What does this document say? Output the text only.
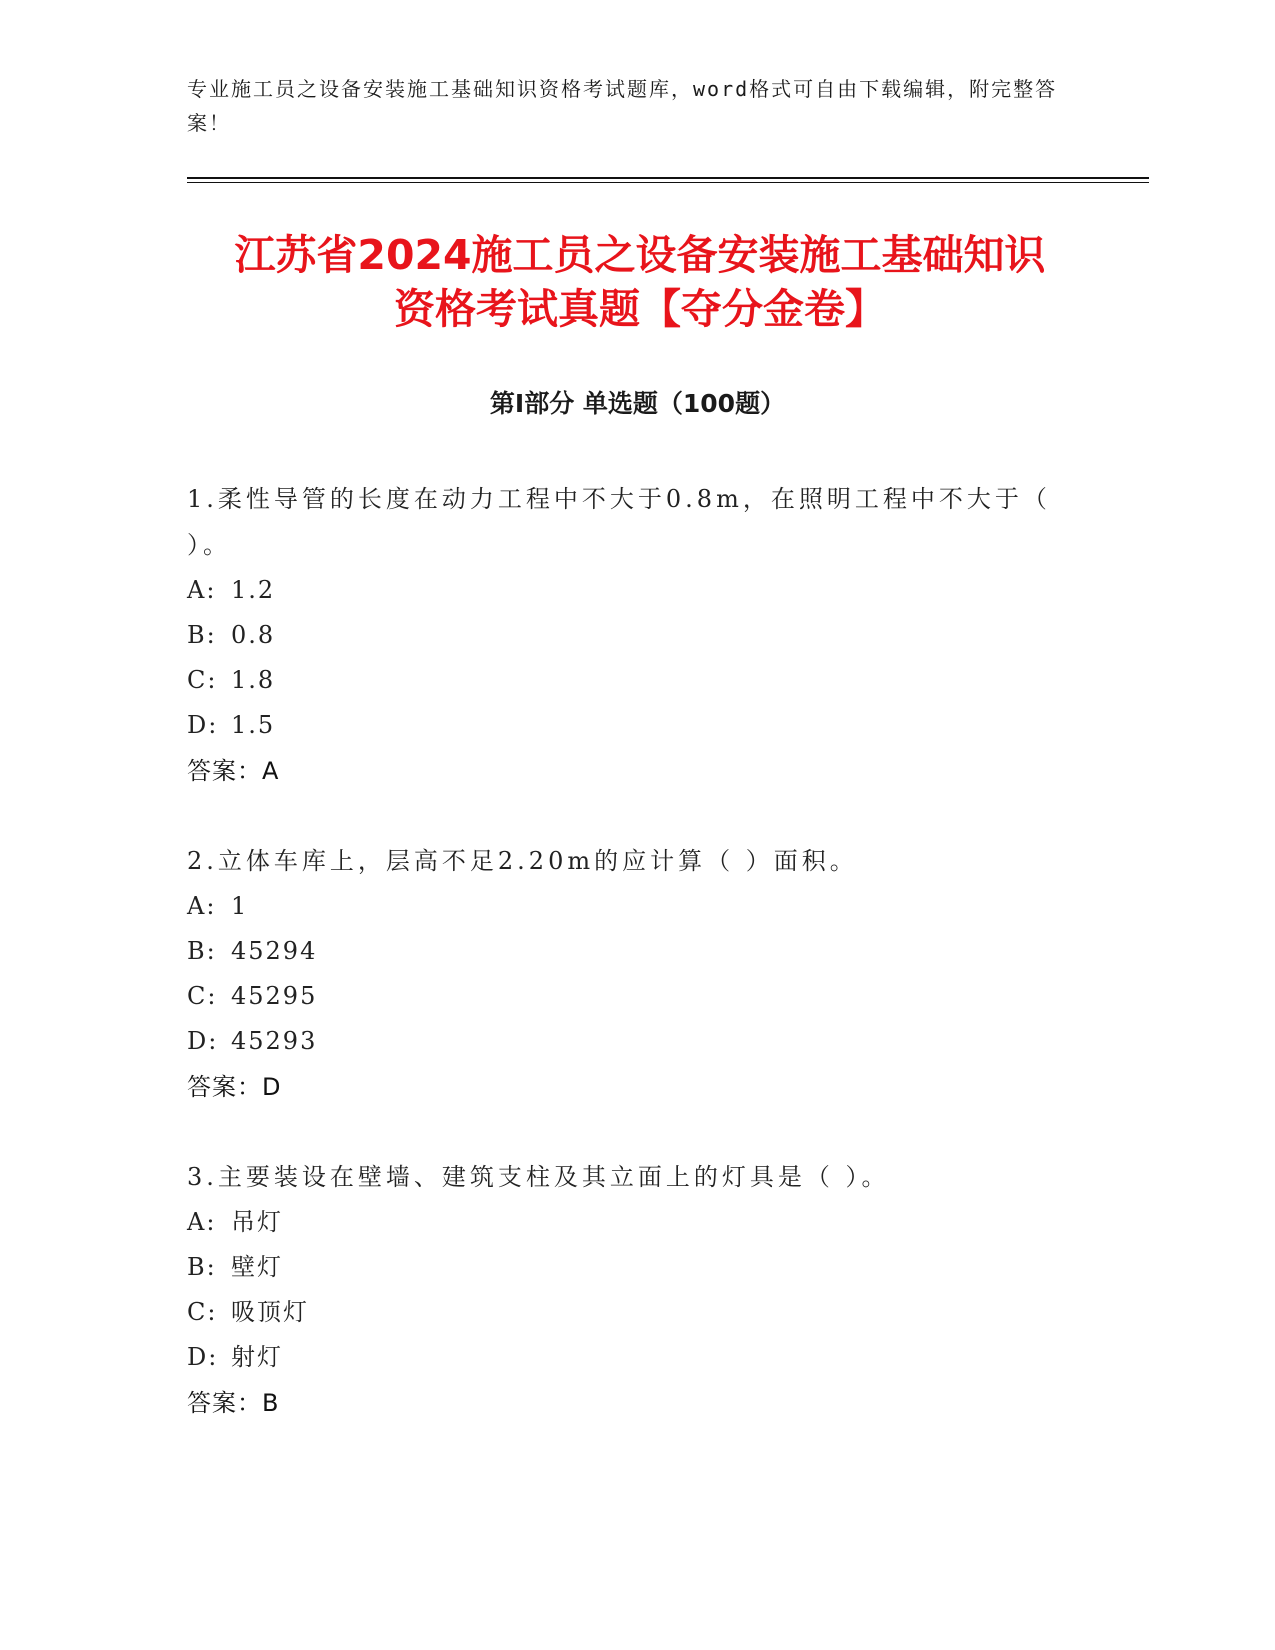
专业施工员之设备安装施工基础知识资格考试题库，word格式可自由下载编辑，附完整答案！
江苏省2024施工员之设备安装施工基础知识
资格考试真题【夺分金卷】
第I部分 单选题（100题）
1.柔性导管的长度在动力工程中不大于0.8m，在照明工程中不大于（ ）。
A: 1.2
B: 0.8
C: 1.8
D: 1.5
答案：A
2.立体车库上，层高不足2.20m的应计算（ ）面积。
A: 1
B: 45294
C: 45295
D: 45293
答案：D
3.主要装设在壁墙、建筑支柱及其立面上的灯具是（ ）。
A: 吊灯
B: 壁灯
C: 吸顶灯
D: 射灯
答案：B
